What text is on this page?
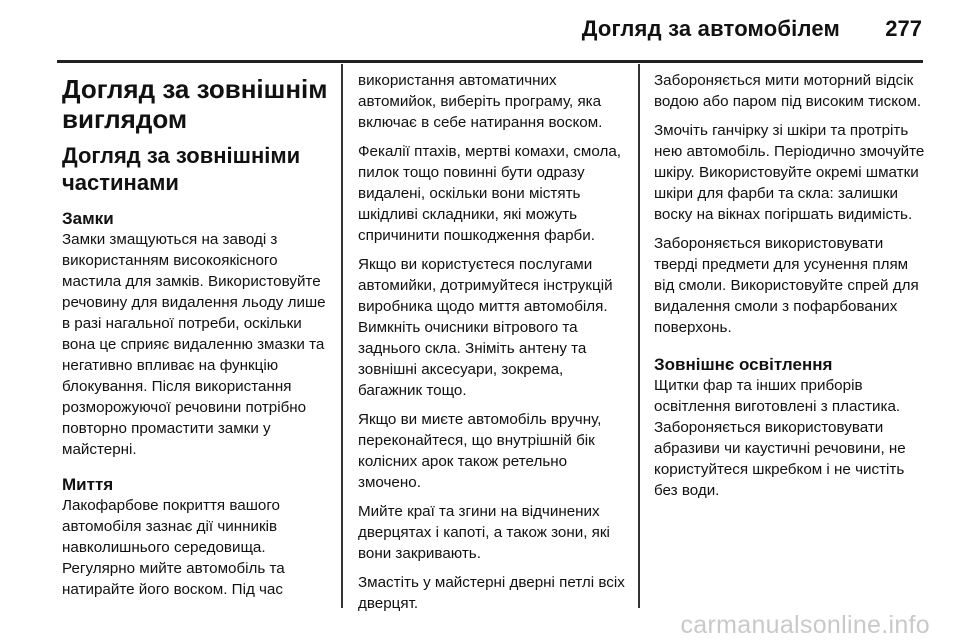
Догляд за автомобілем 277
Догляд за зовнішнім виглядом
Догляд за зовнішніми частинами
Замки

Замки змащуються на заводі з використанням високоякісного мастила для замків. Використовуйте речовину для видалення льоду лише в разі нагальної потреби, оскільки вона це сприяє видаленню змазки та негативно впливає на функцію блокування. Після використання розморожуючої речовини потрібно повторно промастити замки у майстерні.

Миття

Лакофарбове покриття вашого автомобіля зазнає дії чинників навколишнього середовища. Регулярно мийте автомобіль та натирайте його воском. Під час

використання автоматичних автомийок, виберіть програму, яка включає в себе натирання воском.

Фекалії птахів, мертві комахи, смола, пилок тощо повинні бути одразу видалені, оскільки вони містять шкідливі складники, які можуть спричинити пошкодження фарби.

Якщо ви користуєтеся послугами автомийки, дотримуйтеся інструкцій виробника щодо миття автомобіля. Вимкніть очисники вітрового та заднього скла. Зніміть антену та зовнішні аксесуари, зокрема, багажник тощо.

Якщо ви миєте автомобіль вручну, переконайтеся, що внутрішній бік колісних арок також ретельно змочено.

Мийте краї та згини на відчинених дверцятах і капоті, а також зони, які вони закривають.

Змастіть у майстерні дверні петлі всіх дверцят.

Забороняється мити моторний відсік водою або паром під високим тиском.

Змочіть ганчірку зі шкіри та протріть нею автомобіль. Періодично змочуйте шкіру. Використовуйте окремі шматки шкіри для фарби та скла: залишки воску на вікнах погіршать видимість.

Забороняється використовувати тверді предмети для усунення плям від смоли. Використовуйте спрей для видалення смоли з пофарбованих поверхонь.

Зовнішнє освітлення

Щитки фар та інших приборів освітлення виготовлені з пластика. Забороняється використовувати абразиви чи каустичні речовини, не користуйтеся шкребком і не чистіть без води.

carmanualsonline.info
